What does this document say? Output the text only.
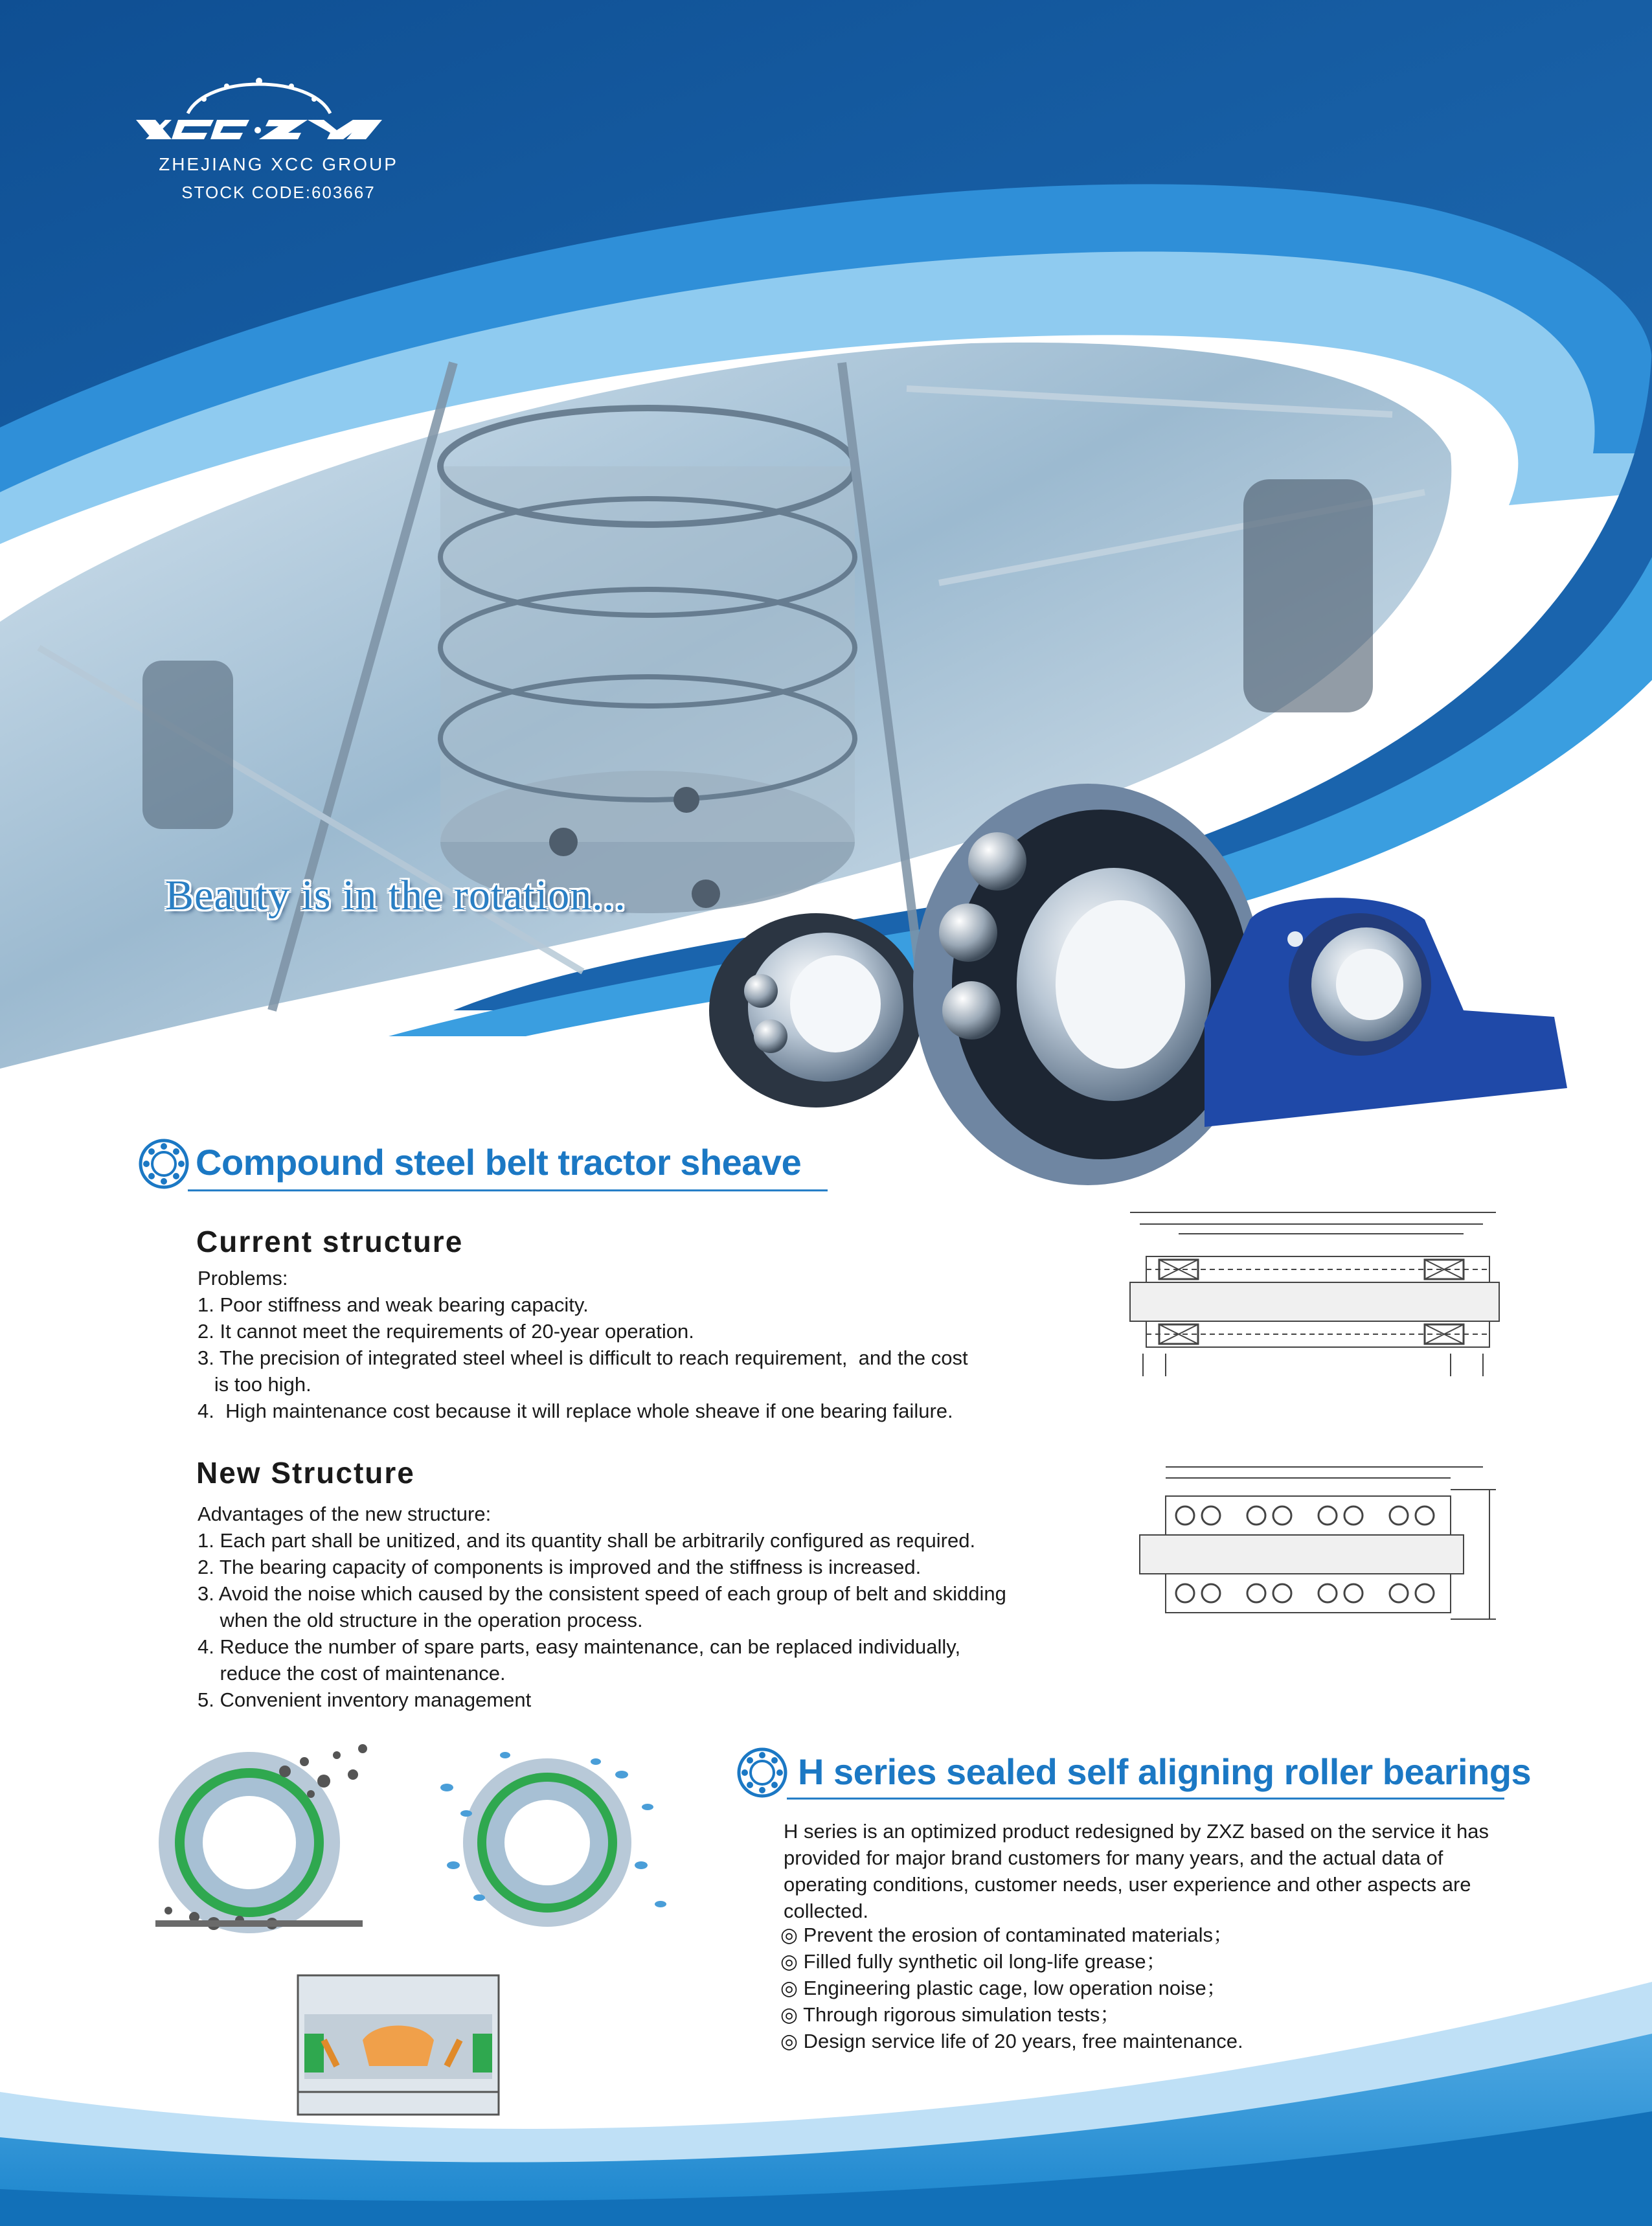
ZHEJIANG XCC GROUP
STOCK CODE:603667
Beauty is in the rotation...
Compound steel belt tractor sheave
Current structure
Problems:
1. Poor stiffness and weak bearing capacity.
2. It cannot meet the requirements of 20-year operation.
3. The precision of integrated steel wheel is difficult to reach requirement,  and the cost
is too high.
4.  High maintenance cost because it will replace whole sheave if one bearing failure.
New Structure
Advantages of the new structure:
1. Each part shall be unitized, and its quantity shall be arbitrarily configured as required.
2. The bearing capacity of components is improved and the stiffness is increased.
3. Avoid the noise which caused by the consistent speed of each group of belt and skidding
when the old structure in the operation process.
4. Reduce the number of spare parts, easy maintenance, can be replaced individually,
reduce the cost of maintenance.
5. Convenient inventory management
H series sealed self aligning roller bearings
H series is an optimized product redesigned by ZXZ based on the service it has provided for major brand customers for many years, and the actual data of operating conditions, customer needs, user experience and other aspects are collected.
◎ Prevent the erosion of contaminated materials；
◎ Filled fully synthetic oil long-life grease；
◎ Engineering plastic cage, low operation noise；
◎ Through rigorous simulation tests；
◎ Design service life of 20 years, free maintenance.
